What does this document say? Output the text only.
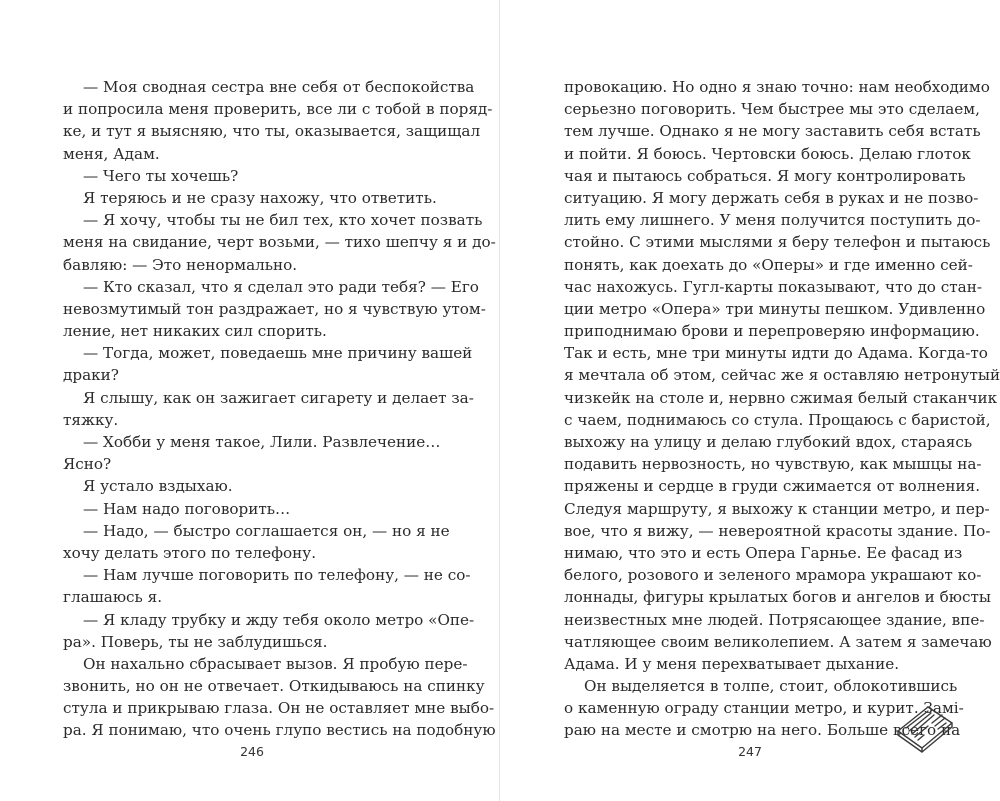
— Моя сводная сестра вне себя от беспокойства
и попросила меня проверить, все ли с тобой в поряд-
ке, и тут я выясняю, что ты, оказывается, защищал
меня, Адам.
— Чего ты хочешь?
Я теряюсь и не сразу нахожу, что ответить.
— Я хочу, чтобы ты не бил тех, кто хочет позвать
меня на свидание, черт возьми, — тихо шепчу я и до-
бавляю: — Это ненормально.
— Кто сказал, что я сделал это ради тебя? — Его
невозмутимый тон раздражает, но я чувствую утом-
ление, нет никаких сил спорить.
— Тогда, может, поведаешь мне причину вашей
драки?
Я слышу, как он зажигает сигарету и делает за-
тяжку.
— Хобби у меня такое, Лили. Развлечение…
Ясно?
Я устало вздыхаю.
— Нам надо поговорить…
— Надо, — быстро соглашается он, — но я не
хочу делать этого по телефону.
— Нам лучше поговорить по телефону, — не со-
глашаюсь я.
— Я кладу трубку и жду тебя около метро «Опе-
ра». Поверь, ты не заблудишься.
Он нахально сбрасывает вызов. Я пробую пере-
звонить, но он не отвечает. Откидываюсь на спинку
стула и прикрываю глаза. Он не оставляет мне выбо-
ра. Я понимаю, что очень глупо вестись на подобную
246
провокацию. Но одно я знаю точно: нам необходимо
серьезно поговорить. Чем быстрее мы это сделаем,
тем лучше. Однако я не могу заставить себя встать
и пойти. Я боюсь. Чертовски боюсь. Делаю глоток
чая и пытаюсь собраться. Я могу контролировать
ситуацию. Я могу держать себя в руках и не позво-
лить ему лишнего. У меня получится поступить до-
стойно. С этими мыслями я беру телефон и пытаюсь
понять, как доехать до «Оперы» и где именно сей-
час нахожусь. Гугл-карты показывают, что до стан-
ции метро «Опера» три минуты пешком. Удивленно
приподнимаю брови и перепроверяю информацию.
Так и есть, мне три минуты идти до Адама. Когда-то
я мечтала об этом, сейчас же я оставляю нетронутый
чизкейк на столе и, нервно сжимая белый стаканчик
с чаем, поднимаюсь со стула. Прощаюсь с баристой,
выхожу на улицу и делаю глубокий вдох, стараясь
подавить нервозность, но чувствую, как мышцы на-
пряжены и сердце в груди сжимается от волнения.
Следуя маршруту, я выхожу к станции метро, и пер-
вое, что я вижу, — невероятной красоты здание. По-
нимаю, что это и есть Опера Гарнье. Ее фасад из
белого, розового и зеленого мрамора украшают ко-
лоннады, фигуры крылатых богов и ангелов и бюсты
неизвестных мне людей. Потрясающее здание, впе-
чатляющее своим великолепием. А затем я замечаю
Адама. И у меня перехватывает дыхание.
Он выделяется в толпе, стоит, облокотившись
о каменную ограду станции метро, и курит. Замі-
раю на месте и смотрю на него. Больше всего на
247
